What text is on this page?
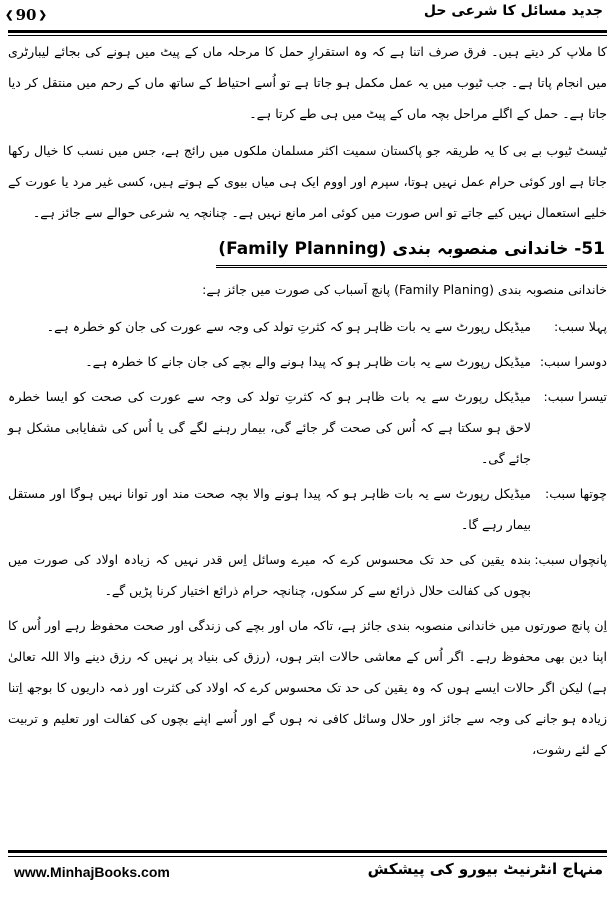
❮ 90 ❯	جدید مسائل کا شرعی حل

کا ملاپ کر دیتے ہیں۔ فرق صرف اتنا ہے کہ وہ استقرارِ حمل کا مرحلہ ماں کے پیٹ میں ہونے کی بجائے لیبارٹری میں انجام پاتا ہے۔ جب ٹیوب میں یہ عمل مکمل ہو جاتا ہے تو اُسے احتیاط کے ساتھ ماں کے رحم میں منتقل کر دیا جاتا ہے۔ حمل کے اگلے مراحل بچہ ماں کے پیٹ میں ہی طے کرتا ہے۔

ٹیسٹ ٹیوب بے بی کا یہ طریقہ جو پاکستان سمیت اکثر مسلمان ملکوں میں رائج ہے، جس میں نسب کا خیال رکھا جاتا ہے اور کوئی حرام عمل نہیں ہوتا، سپرم اور اووم ایک ہی میاں بیوی کے ہوتے ہیں، کسی غیر مرد یا عورت کے خلیے استعمال نہیں کیے جاتے تو اس صورت میں کوئی امر مانع نہیں ہے۔ چنانچہ یہ شرعی حوالے سے جائز ہے۔

51- خاندانی منصوبہ بندی (Family Planning)

خاندانی منصوبہ بندی (Family Planing) پانچ اَسباب کی صورت میں جائز ہے:

پہلا سبب:
میڈیکل رپورٹ سے یہ بات ظاہر ہو کہ کثرتِ تولد کی وجہ سے عورت کی جان کو خطرہ ہے۔
دوسرا سبب:
میڈیکل رپورٹ سے یہ بات ظاہر ہو کہ پیدا ہونے والے بچے کی جان جانے کا خطرہ ہے۔
تیسرا سبب:
میڈیکل رپورٹ سے یہ بات ظاہر ہو کہ کثرتِ تولد کی وجہ سے عورت کی صحت کو ایسا خطرہ لاحق ہو سکتا ہے کہ اُس کی صحت گر جائے گی، بیمار رہنے لگے گی یا اُس کی شفایابی مشکل ہو جائے گی۔
چوتھا سبب:
میڈیکل رپورٹ سے یہ بات ظاہر ہو کہ پیدا ہونے والا بچہ صحت مند اور توانا نہیں ہوگا اور مستقل بیمار رہے گا۔
پانچواں سبب:
بندہ یقین کی حد تک محسوس کرے کہ میرے وسائل اِس قدر نہیں کہ زیادہ اولاد کی صورت میں بچوں کی کفالت حلال ذرائع سے کر سکوں، چنانچہ حرام ذرائع اختیار کرنا پڑیں گے۔

اِن پانچ صورتوں میں خاندانی منصوبہ بندی جائز ہے، تاکہ ماں اور بچے کی زندگی اور صحت محفوظ رہے اور اُس کا اپنا دین بھی محفوظ رہے۔ اگر اُس کے معاشی حالات ابتر ہوں، (رزق کی بنیاد پر نہیں کہ رزق دینے والا اللہ تعالیٰ ہے) لیکن اگر حالات ایسے ہوں کہ وہ یقین کی حد تک محسوس کرے کہ اولاد کی کثرت اور ذمہ داریوں کا بوجھ اِتنا زیادہ ہو جانے کی وجہ سے جائز اور حلال وسائل کافی نہ ہوں گے اور اُسے اپنے بچوں کی کفالت اور تعلیم و تربیت کے لئے رشوت،

www.MinhajBooks.com	منہاج انٹرنیٹ بیورو کی پیشکش
